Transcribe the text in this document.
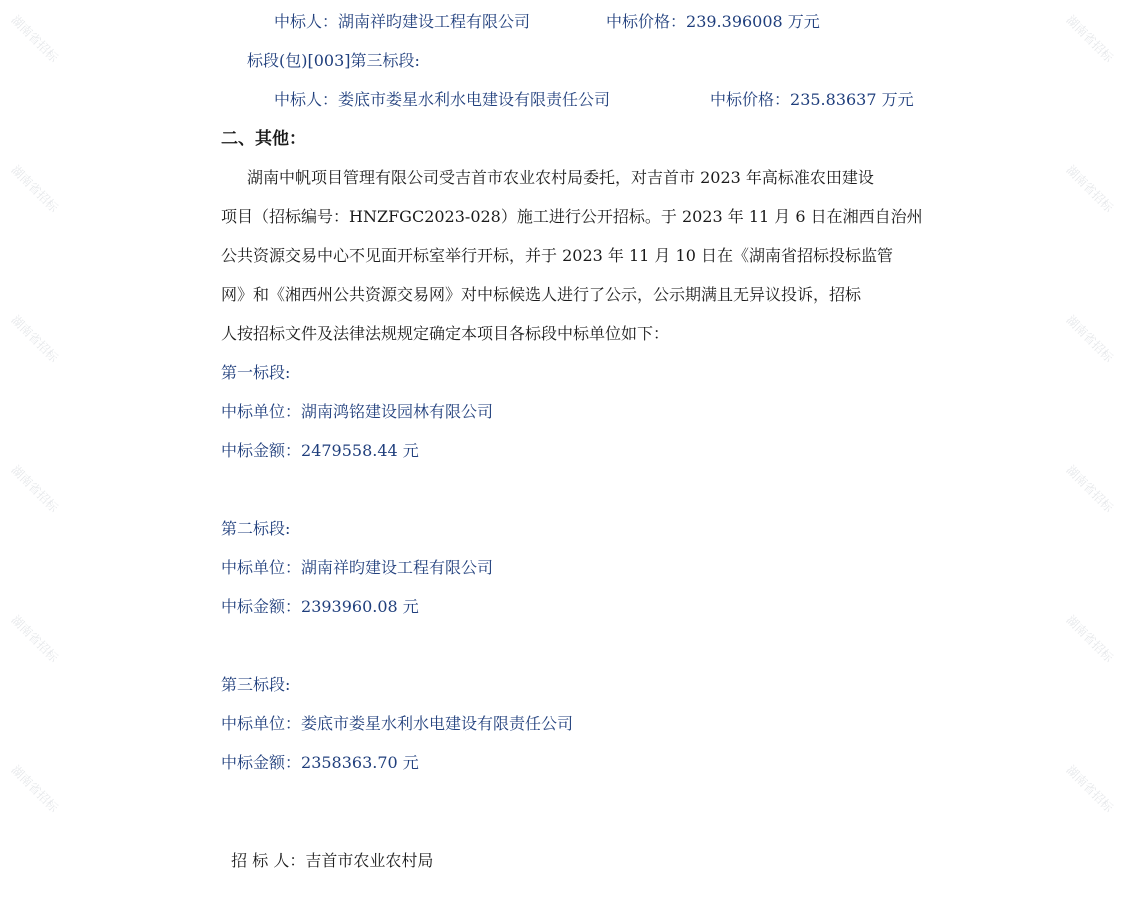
湖南省招标
湖南省招标
湖南省招标
湖南省招标
湖南省招标
湖南省招标
湖南省招标
湖南省招标
湖南省招标
湖南省招标
湖南省招标
湖南省招标
中标人：湖南祥昀建设工程有限公司	中标价格：239.396008 万元
标段(包)[003]第三标段:
中标人：娄底市娄星水利水电建设有限责任公司	中标价格：235.83637 万元
二、其他：
湖南中帆项目管理有限公司受吉首市农业农村局委托，对吉首市 2023 年高标准农田建设
项目（招标编号：HNZFGC2023-028）施工进行公开招标。于 2023 年 11 月 6 日在湘西自治州
公共资源交易中心不见面开标室举行开标，并于 2023 年 11 月 10 日在《湖南省招标投标监管
网》和《湘西州公共资源交易网》对中标候选人进行了公示，公示期满且无异议投诉，招标
人按招标文件及法律法规规定确定本项目各标段中标单位如下：
第一标段:
中标单位：湖南鸿铭建设园林有限公司
中标金额：2479558.44 元
第二标段:
中标单位：湖南祥昀建设工程有限公司
中标金额：2393960.08 元
第三标段:
中标单位：娄底市娄星水利水电建设有限责任公司
中标金额：2358363.70 元

招 标 人：吉首市农业农村局
